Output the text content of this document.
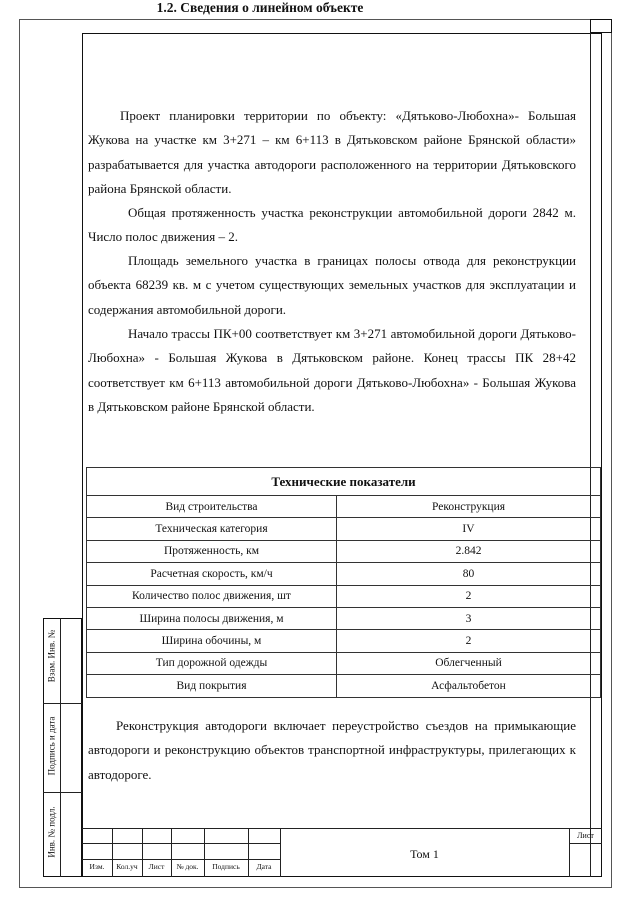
1.2. Сведения о линейном объекте

Проект планировки территории по объекту: «Дятьково-Любохна»- Большая Жукова на участке км 3+271 – км 6+113 в Дятьковском районе Брянской области» разрабатывается для участка автодороги расположенного на территории Дятьковского района Брянской области.

Общая протяженность участка реконструкции автомобильной дороги 2842 м. Число полос движения – 2.

Площадь земельного участка в границах полосы отвода для реконструкции объекта 68239 кв. м с учетом существующих земельных участков для эксплуатации и содержания автомобильной дороги.

Начало трассы ПК+00 соответствует км 3+271 автомобильной дороги Дятьково-Любохна» - Большая Жукова в Дятьковском районе. Конец трассы ПК 28+42 соответствует км 6+113 автомобильной дороги Дятьково-Любохна» - Большая Жукова в Дятьковском районе Брянской области.

Технические показатели	
Вид строительства	Реконструкция
Техническая категория	IV
Протяженность, км	2.842
Расчетная скорость, км/ч	80
Количество полос движения, шт	2
Ширина полосы движения, м	3
Ширина обочины, м	2
Тип дорожной одежды	Облегченный
Вид покрытия	Асфальтобетон

Реконструкция автодороги включает переустройство съездов на примыкающие автодороги и реконструкцию объектов транспортной инфраструктуры, прилегающих к автодороге.

Взам. Инв. №
Подпись и дата
Инв. № подл.
Изм.	Кол.уч	Лист	№ док.	Подпись	Дата
Том 1
Лист
